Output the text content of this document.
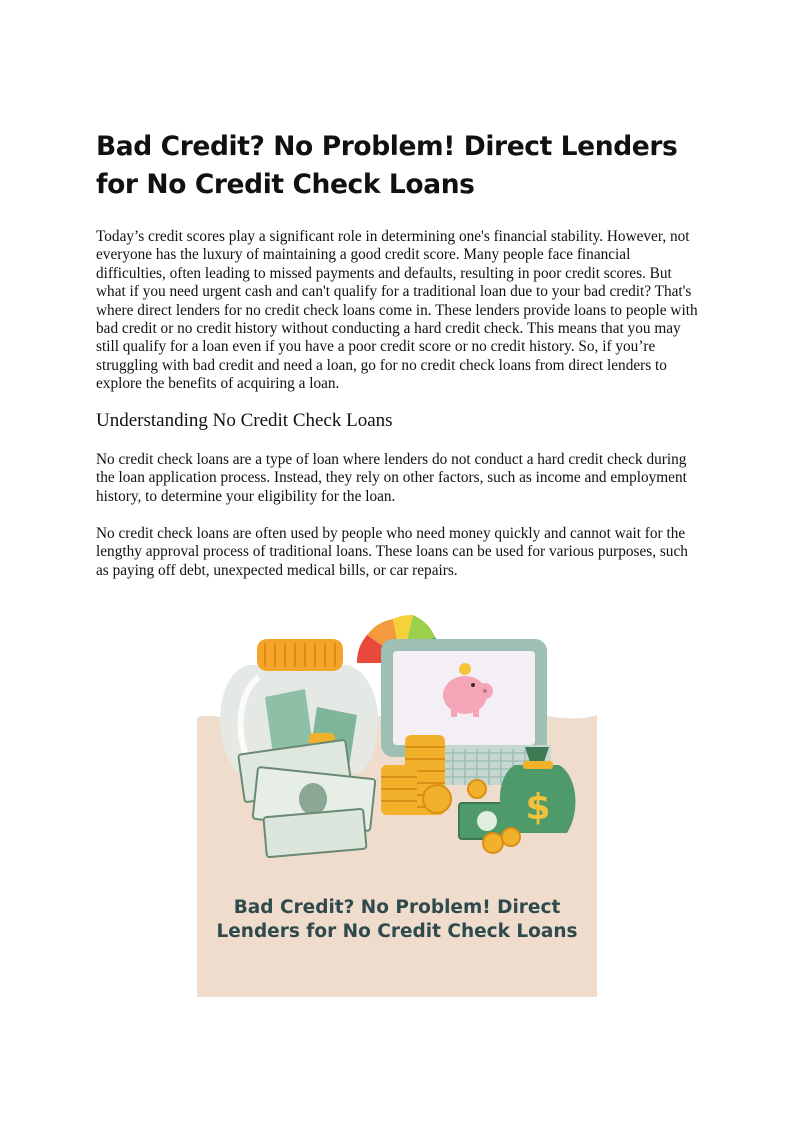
Bad Credit? No Problem! Direct Lenders for No Credit Check Loans

Today’s credit scores play a significant role in determining one's financial stability. However, not everyone has the luxury of maintaining a good credit score. Many people face financial difficulties, often leading to missed payments and defaults, resulting in poor credit scores. But what if you need urgent cash and can't qualify for a traditional loan due to your bad credit? That's where direct lenders for no credit check loans come in. These lenders provide loans to people with bad credit or no credit history without conducting a hard credit check. This means that you may still qualify for a loan even if you have a poor credit score or no credit history. So, if you’re struggling with bad credit and need a loan, go for no credit check loans from direct lenders to explore the benefits of acquiring a loan.

Understanding No Credit Check Loans

No credit check loans are a type of loan where lenders do not conduct a hard credit check during the loan application process. Instead, they rely on other factors, such as income and employment history, to determine your eligibility for the loan.

No credit check loans are often used by people who need money quickly and cannot wait for the lengthy approval process of traditional loans. These loans can be used for various purposes, such as paying off debt, unexpected medical bills, or car repairs.

$
Bad Credit? No Problem! Direct
Lenders for No Credit Check Loans
